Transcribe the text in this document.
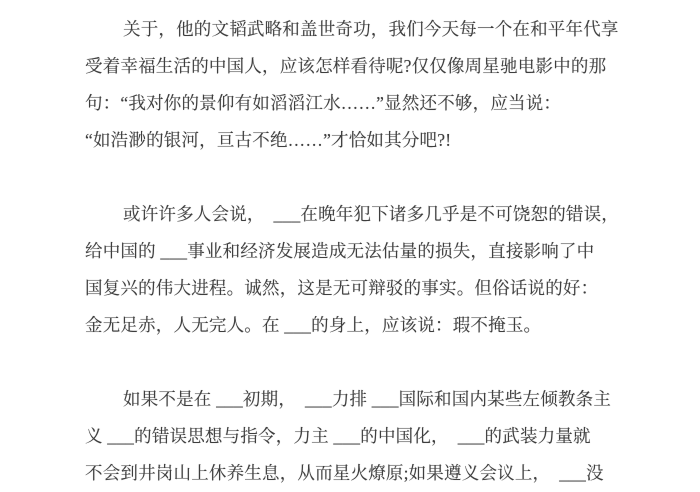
关于，他的文韬武略和盖世奇功，我们今天每一个在和平年代享
受着幸福生活的中国人，应该怎样看待呢?仅仅像周星驰电影中的那
句：“我对你的景仰有如滔滔江水……”显然还不够，应当说：
“如浩渺的银河，亘古不绝……”才恰如其分吧?!

或许许多人会说，　___在晚年犯下诸多几乎是不可饶恕的错误，
给中国的 ___事业和经济发展造成无法估量的损失，直接影响了中
国复兴的伟大进程。诚然，这是无可辩驳的事实。但俗话说的好：
金无足赤，人无完人。在 ___的身上，应该说：瑕不掩玉。

如果不是在 ___初期，　___力排 ___国际和国内某些左倾教条主
义 ___的错误思想与指令，力主 ___的中国化，　___的武装力量就
不会到井岗山上休养生息，从而星火燎原;如果遵义会议上，　___没
